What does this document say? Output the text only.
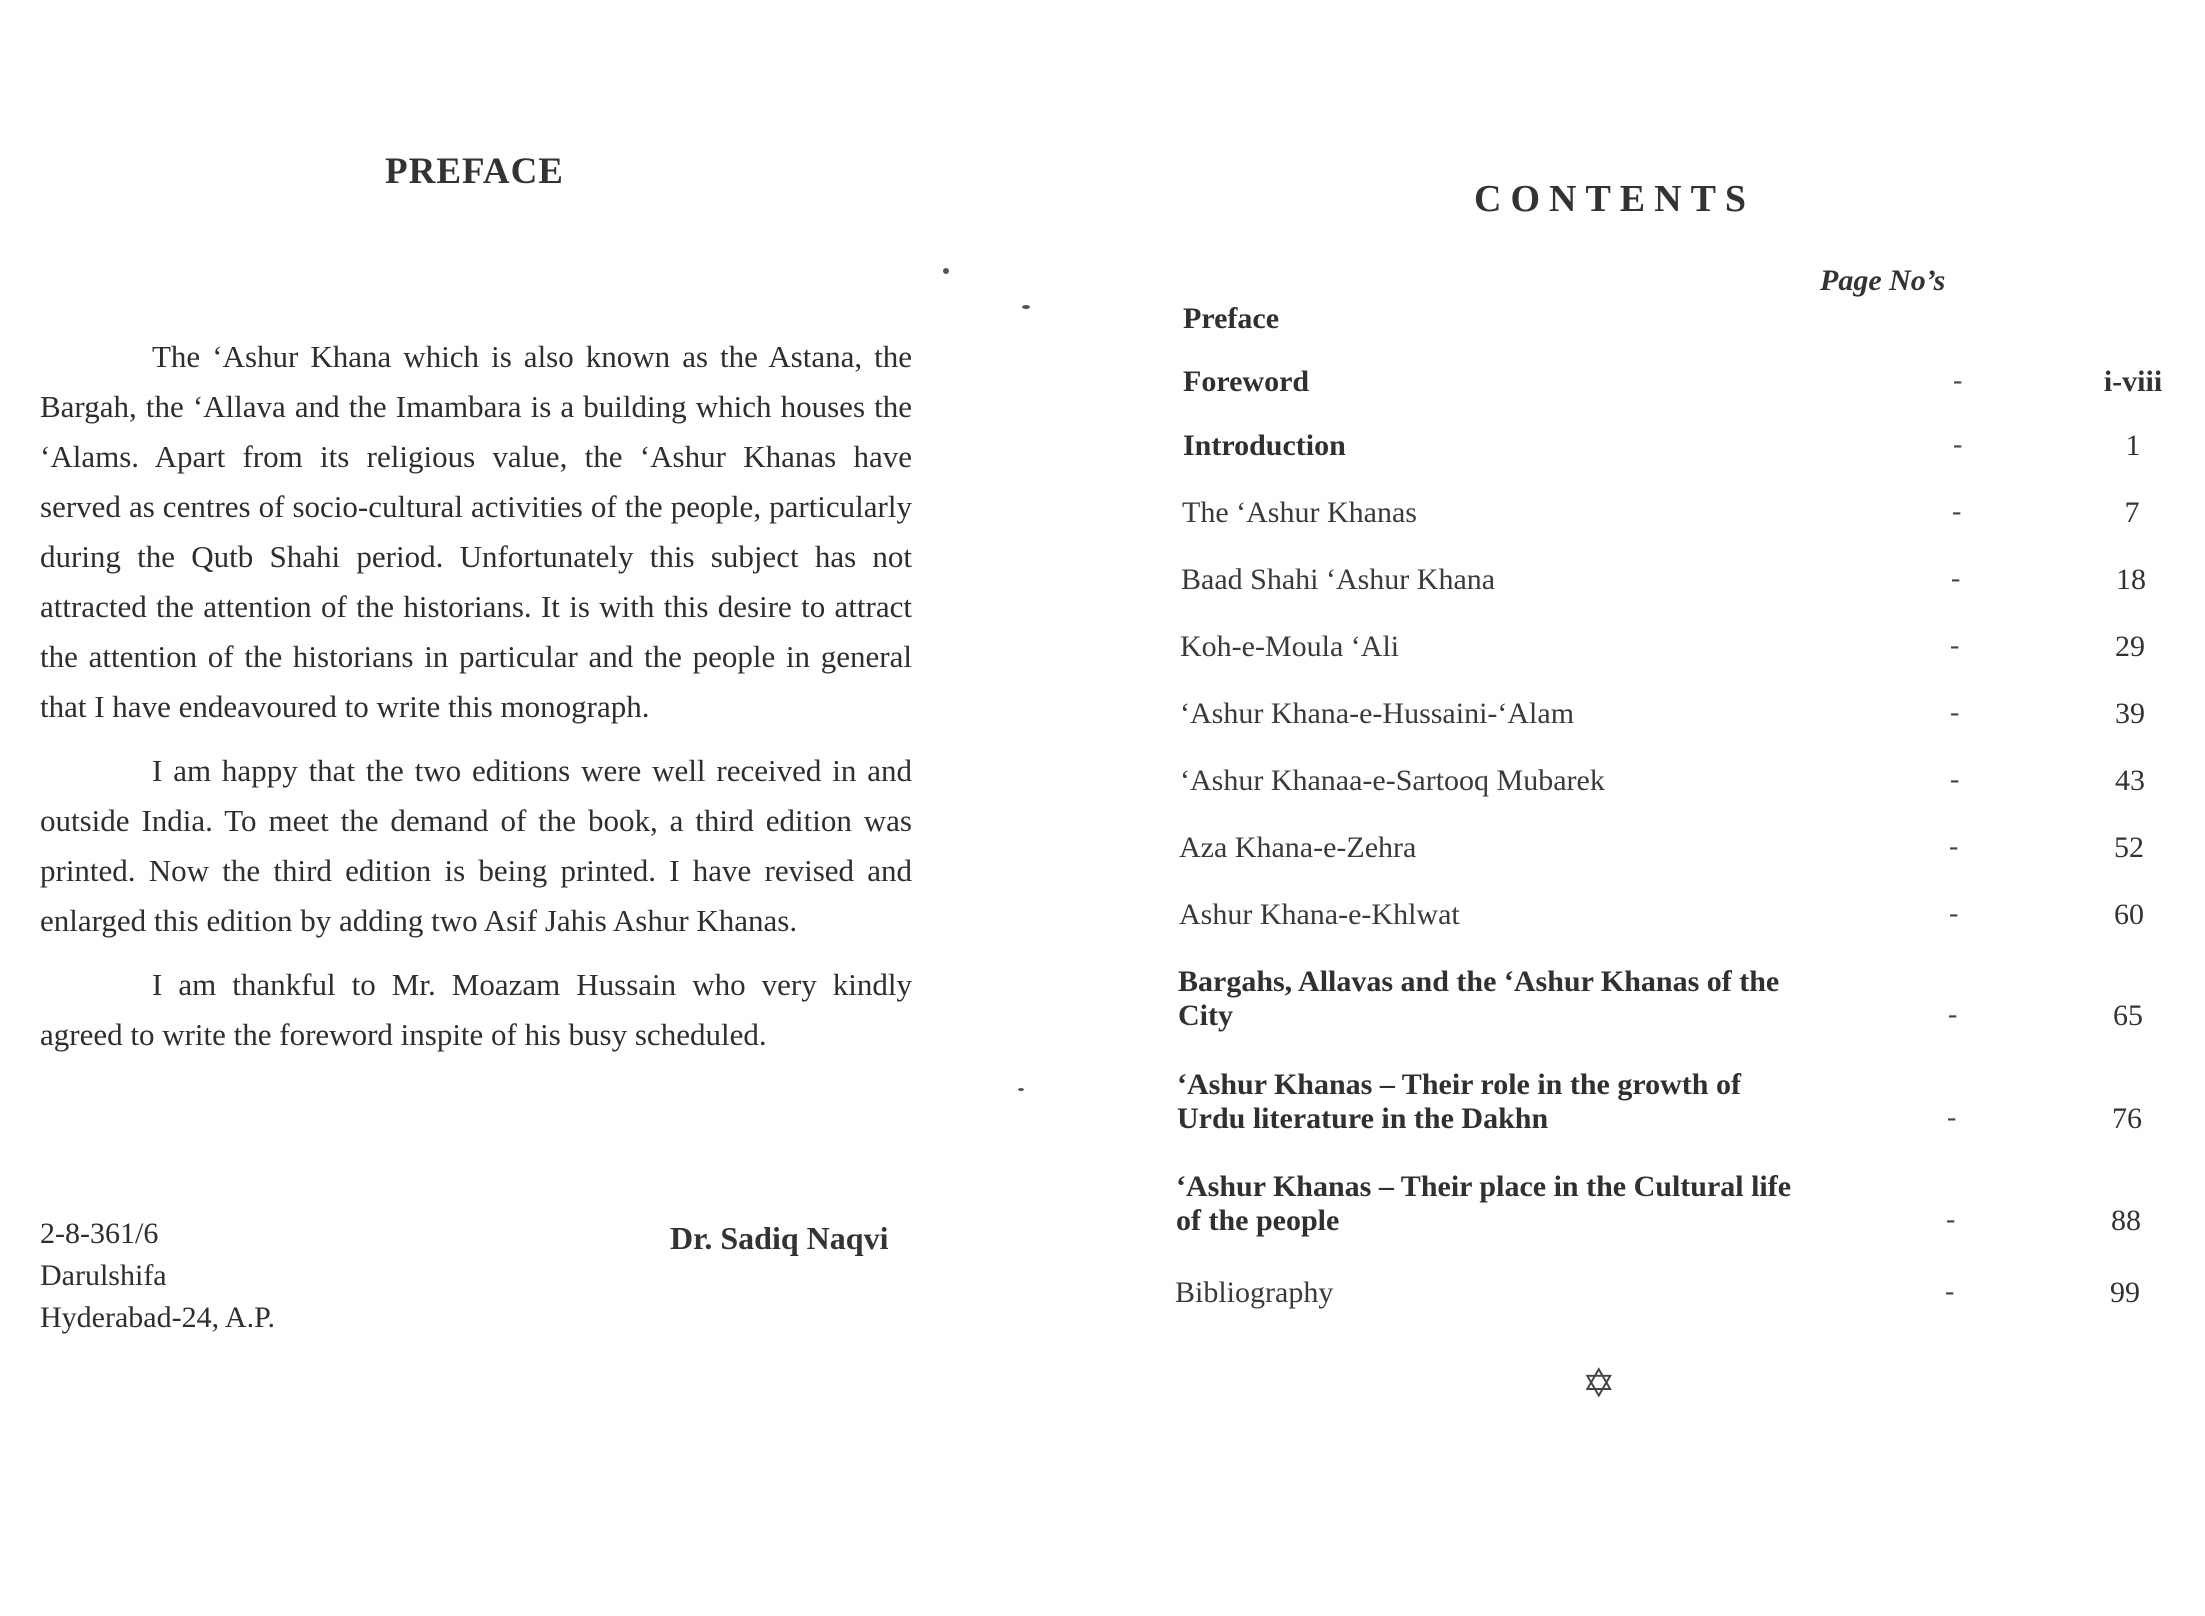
PREFACE

The ‘Ashur Khana which is also known as the Astana, the Bargah, the ‘Allava and the Imambara is a building which houses the ‘Alams. Apart from its religious value, the ‘Ashur Khanas have served as centres of socio-cultural activities of the people, particularly during the Qutb Shahi period. Unfortunately this subject has not attracted the attention of the historians. It is with this desire to attract the attention of the historians in particular and the people in general that I have endeavoured to write this monograph.

I am happy that the two editions were well received in and outside India. To meet the demand of the book, a third edition was printed. Now the third edition is being printed. I have revised and enlarged this edition by adding two Asif Jahis Ashur Khanas.

I am thankful to Mr. Moazam Hussain who very kindly agreed to write the foreword inspite of his busy scheduled.

2-8-361/6
Darulshifa
Hyderabad-24, A.P.
Dr. Sadiq Naqvi
CONTENTS
Page No’s
Preface
Foreword	-	i-viii
Introduction	-	1
The ‘Ashur Khanas	-	7
Baad Shahi ‘Ashur Khana	-	18
Koh-e-Moula ‘Ali	-	29
‘Ashur Khana-e-Hussaini-‘Alam	-	39
‘Ashur Khanaa-e-Sartooq Mubarek	-	43
Aza Khana-e-Zehra	-	52
Ashur Khana-e-Khlwat	-	60
Bargahs, Allavas and the ‘Ashur Khanas of the City	-	65
‘Ashur Khanas – Their role in the growth of Urdu literature in the Dakhn	-	76
‘Ashur Khanas – Their place in the Cultural life of the people	-	88
Bibliography	-	99
✡
